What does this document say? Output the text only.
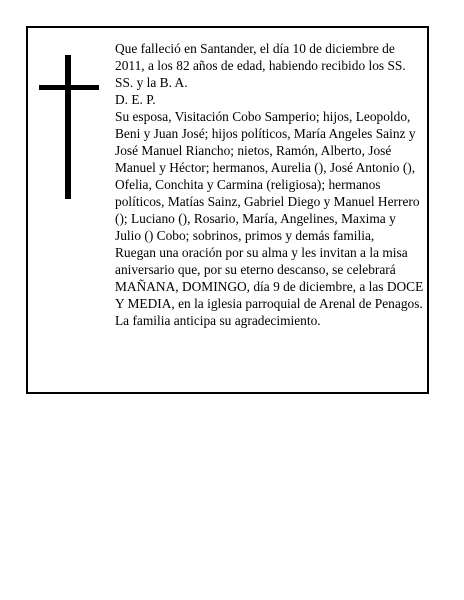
Que falleció en Santander, el día 10 de diciembre de 2011, a los 82 años de edad, habiendo recibido los SS. SS. y la B. A.

D. E. P.

Su esposa, Visitación Cobo Samperio; hijos, Leopoldo, Beni y Juan José; hijos políticos, María Angeles Sainz y José Manuel Riancho; nietos, Ramón, Alberto, José Manuel y Héctor; hermanos, Aurelia (), José Antonio (), Ofelia, Conchita y Carmina (religiosa); hermanos políticos, Matías Sainz, Gabriel Diego y Manuel Herrero (); Luciano (), Rosario, María, Angelines, Maxima y Julio () Cobo; sobrinos, primos y demás familia,

Ruegan una oración por su alma y les invitan a la misa aniversario que, por su eterno descanso, se celebrará MAÑANA, DOMINGO, día 9 de diciembre, a las DOCE Y MEDIA, en la iglesia parroquial de Arenal de Penagos. La familia anticipa su agradecimiento.
